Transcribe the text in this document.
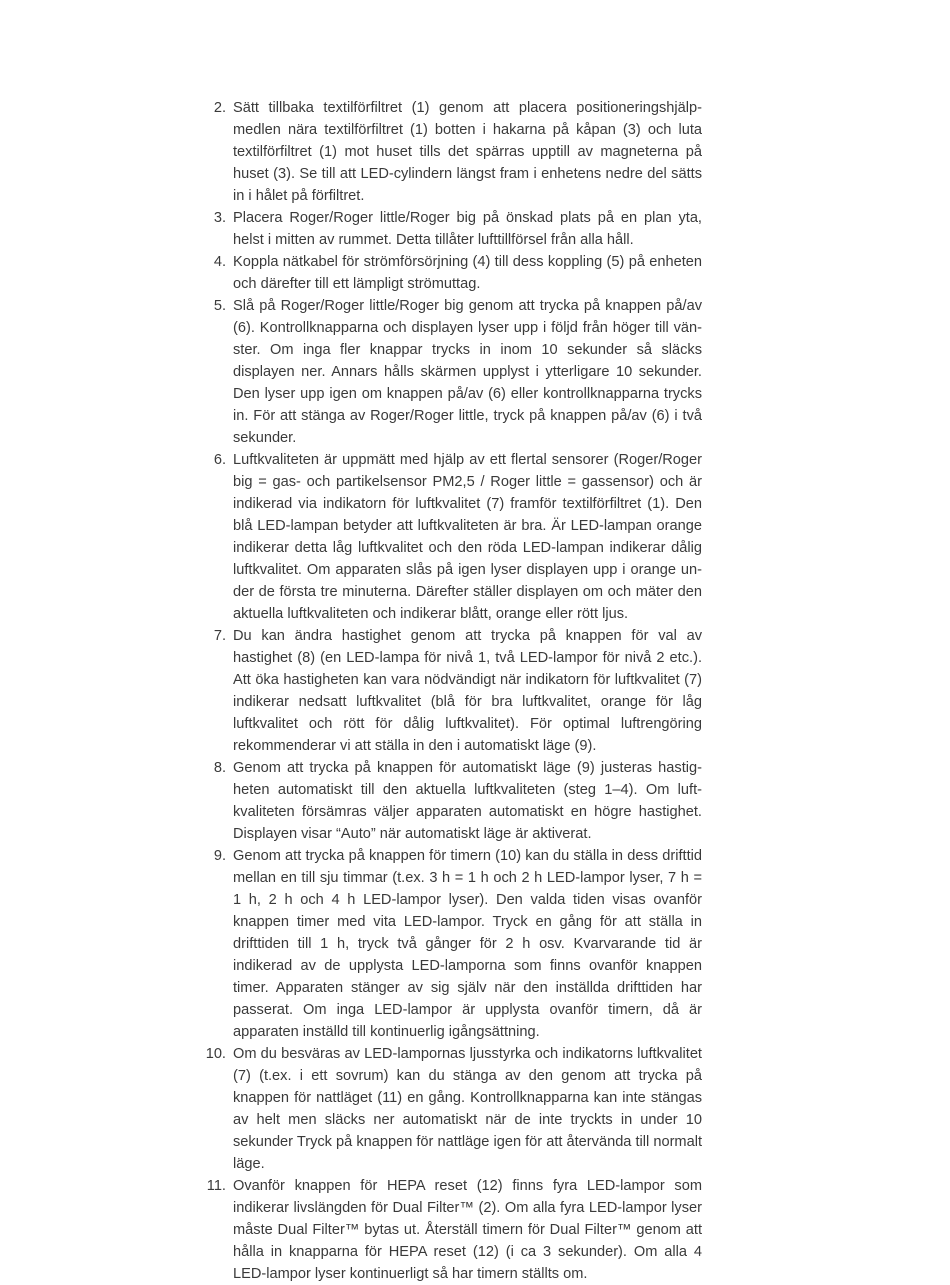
2. Sätt tillbaka textilförfiltret (1) genom att placera positioneringshjälpmedlen nära textilförfiltret (1) botten i hakarna på kåpan (3) och luta textilförfiltret (1) mot huset tills det spärras upptill av magneterna på huset (3). Se till att LED-cylindern längst fram i enhetens nedre del sätts in i hålet på förfiltret.
3. Placera Roger/Roger little/Roger big på önskad plats på en plan yta, helst i mitten av rummet. Detta tillåter lufttillförsel från alla håll.
4. Koppla nätkabel för strömförsörjning (4) till dess koppling (5) på enheten och därefter till ett lämpligt strömuttag.
5. Slå på Roger/Roger little/Roger big genom att trycka på knappen på/av (6). Kontrollknapparna och displayen lyser upp i följd från höger till vänster. Om inga fler knappar trycks in inom 10 sekunder så släcks displayen ner. Annars hålls skärmen upplyst i ytterligare 10 sekunder. Den lyser upp igen om knappen på/av (6) eller kontrollknapparna trycks in. För att stänga av Roger/Roger little, tryck på knappen på/av (6) i två sekunder.
6. Luftkvaliteten är uppmätt med hjälp av ett flertal sensorer (Roger/Roger big = gas- och partikelsensor PM2,5 / Roger little = gassensor) och är indikerad via indikatorn för luftkvalitet (7) framför textilförfiltret (1). Den blå LED-lampan betyder att luftkvaliteten är bra. Är LED-lampan orange indikerar detta låg luftkvalitet och den röda LED-lampan indikerar dålig luftkvalitet. Om apparaten slås på igen lyser displayen upp i orange under de första tre minuterna. Därefter ställer displayen om och mäter den aktuella luftkvaliteten och indikerar blått, orange eller rött ljus.
7. Du kan ändra hastighet genom att trycka på knappen för val av hastighet (8) (en LED-lampa för nivå 1, två LED-lampor för nivå 2 etc.). Att öka hastigheten kan vara nödvändigt när indikatorn för luftkvalitet (7) indikerar nedsatt luftkvalitet (blå för bra luftkvalitet, orange för låg luftkvalitet och rött för dålig luftkvalitet). För optimal luftrengöring rekommenderar vi att ställa in den i automatiskt läge (9).
8. Genom att trycka på knappen för automatiskt läge (9) justeras hastigheten automatiskt till den aktuella luftkvaliteten (steg 1–4). Om luftkvaliteten försämras väljer apparaten automatiskt en högre hastighet. Displayen visar “Auto” när automatiskt läge är aktiverat.
9. Genom att trycka på knappen för timern (10) kan du ställa in dess drifttid mellan en till sju timmar (t.ex. 3 h = 1 h och 2 h LED-lampor lyser, 7 h = 1 h, 2 h och 4 h LED-lampor lyser). Den valda tiden visas ovanför knappen timer med vita LED-lampor. Tryck en gång för att ställa in drifttiden till 1 h, tryck två gånger för 2 h osv. Kvarvarande tid är indikerad av de upplysta LED-lamporna som finns ovanför knappen timer. Apparaten stänger av sig själv när den inställda drifttiden har passerat. Om inga LED-lampor är upplysta ovanför timern, då är apparaten inställd till kontinuerlig igångsättning.
10. Om du besväras av LED-lampornas ljusstyrka och indikatorns luftkvalitet (7) (t.ex. i ett sovrum) kan du stänga av den genom att trycka på knappen för nattläget (11) en gång. Kontrollknapparna kan inte stängas av helt men släcks ner automatiskt när de inte tryckts in under 10 sekunder Tryck på knappen för nattläge igen för att återvända till normalt läge.
11. Ovanför knappen för HEPA reset (12) finns fyra LED-lampor som indikerar livslängden för Dual Filter™ (2). Om alla fyra LED-lampor lyser måste Dual Filter™ bytas ut. Återställ timern för Dual Filter™ genom att hålla in knapparna för HEPA reset (12) (i ca 3 sekunder). Om alla 4 LED-lampor lyser kontinuerligt så har timern ställts om.
